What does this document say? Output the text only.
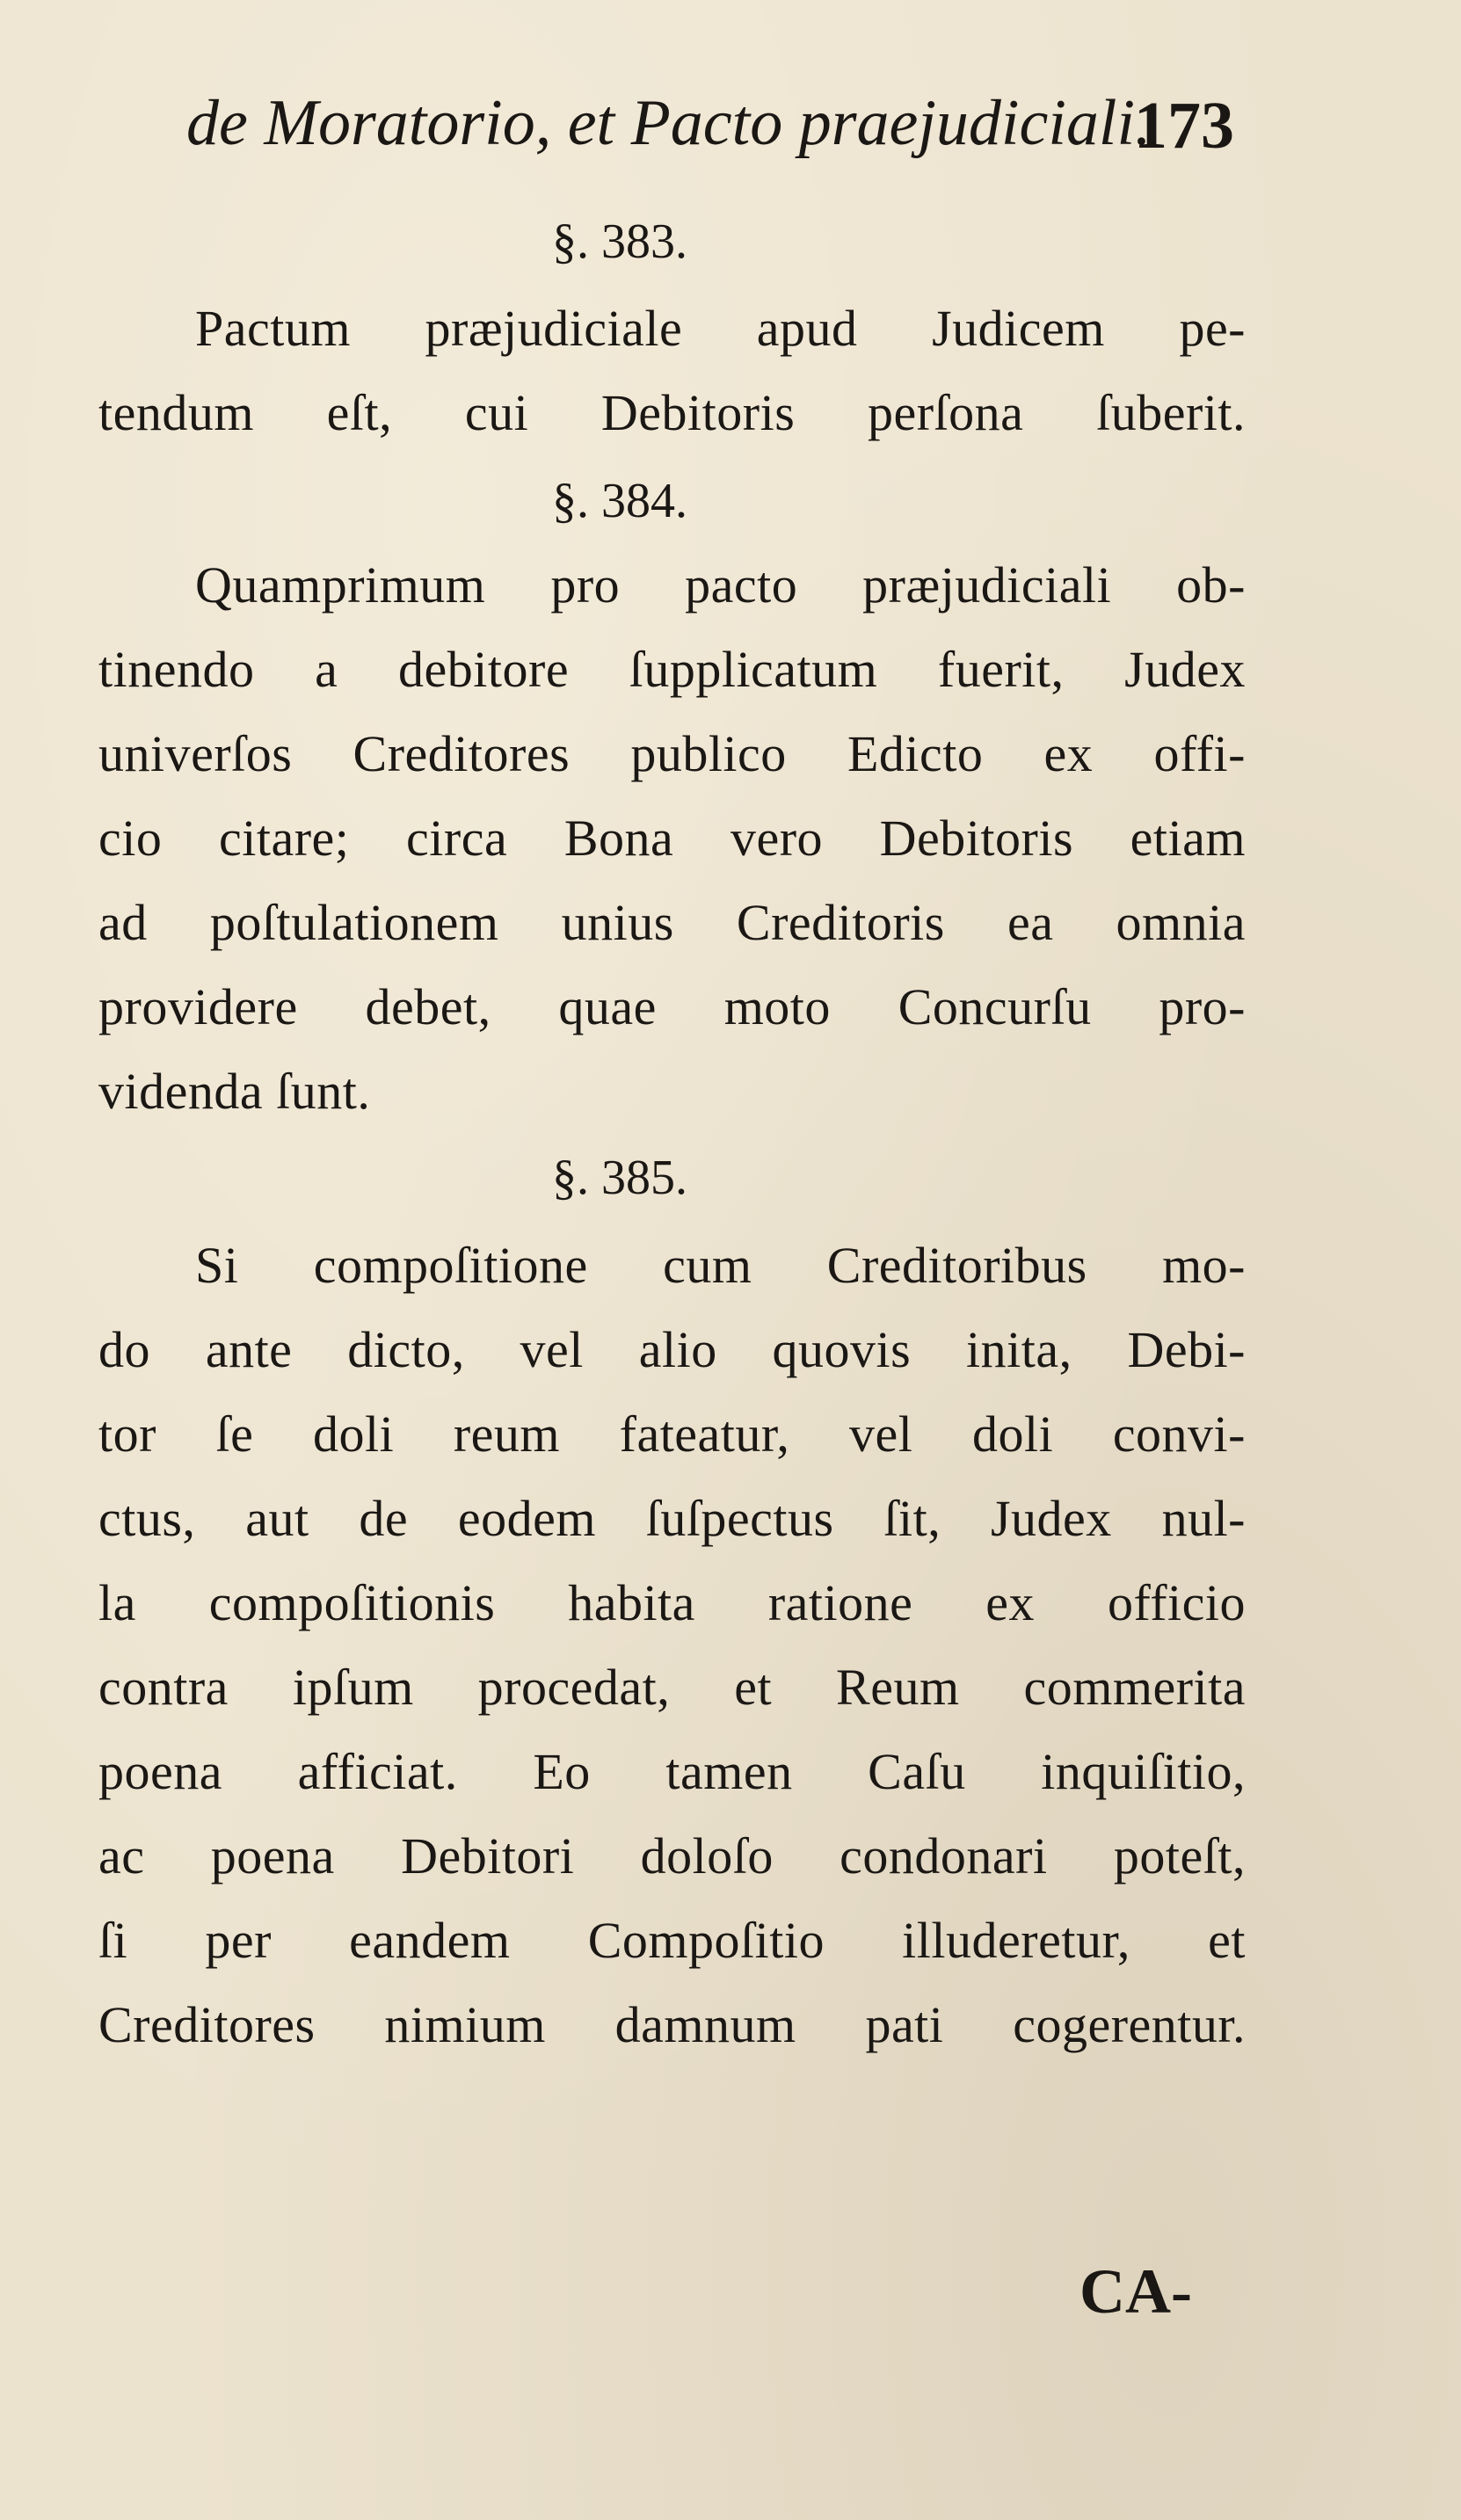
de Moratorio, et Pacto praejudiciali.
173
§. 383.
Pactum præjudiciale apud Judicem pe-
tendum eſt, cui Debitoris perſona ſuberit.
§. 384.
Quamprimum pro pacto præjudiciali ob-
tinendo a debitore ſupplicatum fuerit, Judex
univerſos Creditores publico Edicto ex offi-
cio citare; circa Bona vero Debitoris etiam
ad poſtulationem unius Creditoris ea omnia
providere debet, quae moto Concurſu pro-
videnda ſunt.
§. 385.
Si compoſitione cum Creditoribus mo-
do ante dicto, vel alio quovis inita, Debi-
tor ſe doli reum fateatur, vel doli convi-
ctus, aut de eodem ſuſpectus ſit, Judex nul-
la compoſitionis habita ratione ex officio
contra ipſum procedat, et Reum commerita
poena afficiat. Eo tamen Caſu inquiſitio,
ac poena Debitori doloſo condonari poteſt,
ſi per eandem Compoſitio illuderetur, et
Creditores nimium damnum pati cogerentur.
CA-
